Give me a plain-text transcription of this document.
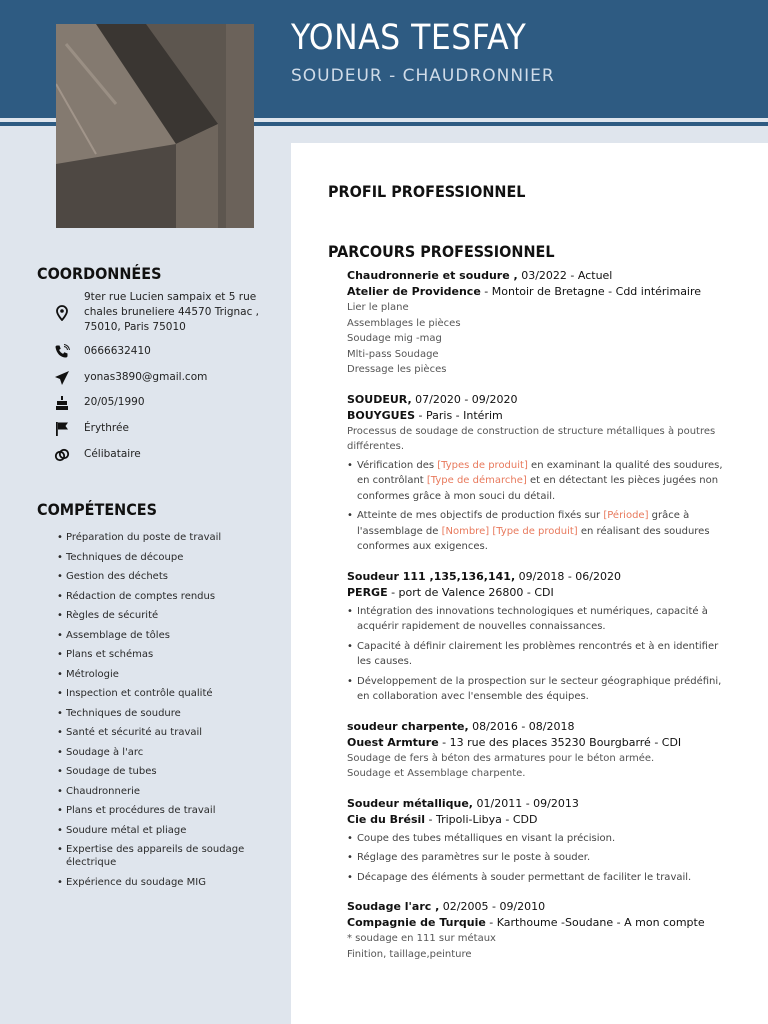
YONAS TESFAY
SOUDEUR - CHAUDRONNIER
COORDONNÉES
9ter rue Lucien sampaix et 5 rue chales bruneliere 44570 Trignac , 75010, Paris 75010
0666632410
yonas3890@gmail.com
20/05/1990
Érythrée
Célibataire
COMPÉTENCES
• Préparation du poste de travail
• Techniques de découpe
• Gestion des déchets
• Rédaction de comptes rendus
• Règles de sécurité
• Assemblage de tôles
• Plans et schémas
• Métrologie
• Inspection et contrôle qualité
• Techniques de soudure
• Santé et sécurité au travail
• Soudage à l'arc
• Soudage de tubes
• Chaudronnerie
• Plans et procédures de travail
• Soudure métal et pliage
• Expertise des appareils de soudage électrique
• Expérience du soudage MIG
PROFIL PROFESSIONNEL
PARCOURS PROFESSIONNEL
Chaudronnerie et soudure , 03/2022 - Actuel
Atelier de Providence - Montoir de Bretagne - Cdd intérimaire
Lier le plane
Assemblages le pièces
Soudage mig -mag
Mlti-pass Soudage
Dressage les pièces
SOUDEUR, 07/2020 - 09/2020
BOUYGUES - Paris - Intérim
Processus de soudage de construction de structure métalliques à poutres différentes.
• Vérification des [Types de produit] en examinant la qualité des soudures, en contrôlant [Type de démarche] et en détectant les pièces jugées non conformes grâce à mon souci du détail.
• Atteinte de mes objectifs de production fixés sur [Période] grâce à l'assemblage de [Nombre] [Type de produit] en réalisant des soudures conformes aux exigences.
Soudeur 111 ,135,136,141, 09/2018 - 06/2020
PERGE - port de Valence 26800 - CDI
• Intégration des innovations technologiques et numériques, capacité à acquérir rapidement de nouvelles connaissances.
• Capacité à définir clairement les problèmes rencontrés et à en identifier les causes.
• Développement de la prospection sur le secteur géographique prédéfini, en collaboration avec l'ensemble des équipes.
soudeur charpente, 08/2016 - 08/2018
Ouest Armture - 13 rue des places 35230 Bourgbarré - CDI
Soudage de fers à béton des armatures pour le béton armée.
Soudage et Assemblage charpente.
Soudeur métallique, 01/2011 - 09/2013
Cie du Brésil - Tripoli-Libya - CDD
• Coupe des tubes métalliques en visant la précision.
• Réglage des paramètres sur le poste à souder.
• Décapage des éléments à souder permettant de faciliter le travail.
Soudage l'arc , 02/2005 - 09/2010
Compagnie de Turquie - Karthoume -Soudane - A mon compte
* soudage en 111 sur métaux
Finition, taillage,peinture
